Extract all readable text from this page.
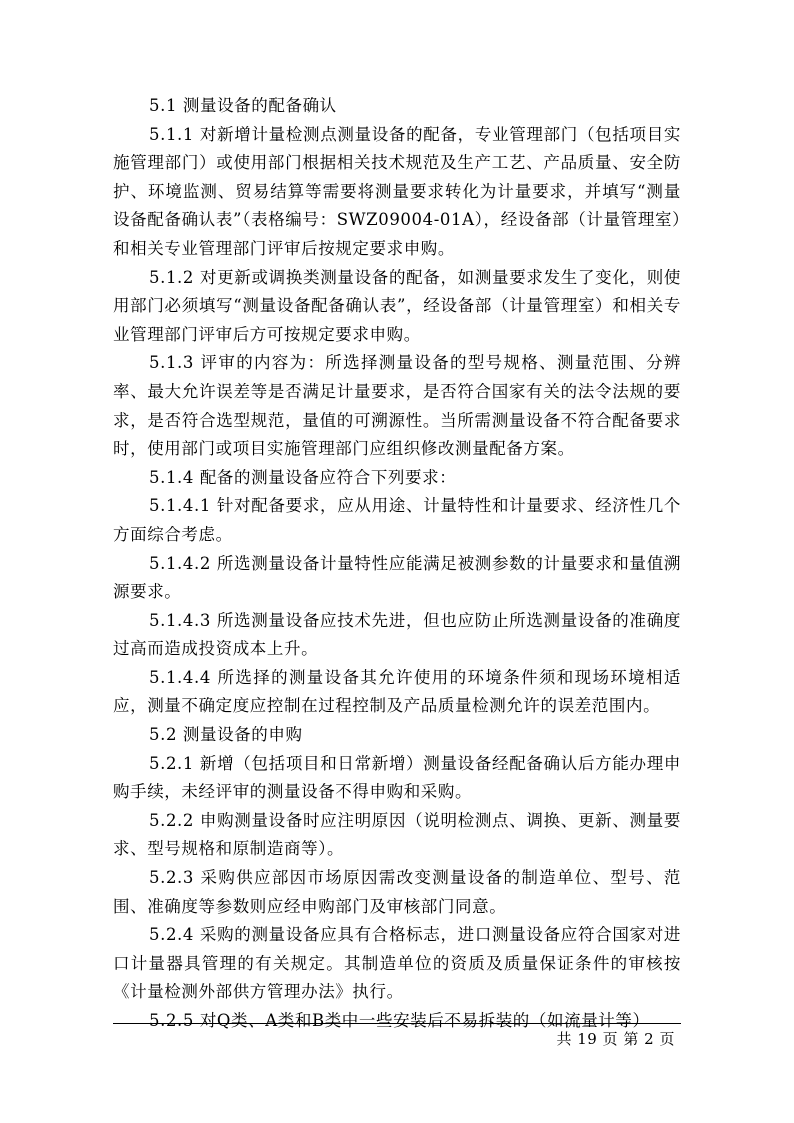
5.1 测量设备的配备确认

5.1.1 对新增计量检测点测量设备的配备，专业管理部门（包括项目实施管理部门）或使用部门根据相关技术规范及生产工艺、产品质量、安全防护、环境监测、贸易结算等需要将测量要求转化为计量要求，并填写“测量设备配备确认表”（表格编号：SWZ09004-01A），经设备部（计量管理室）和相关专业管理部门评审后按规定要求申购。

5.1.2 对更新或调换类测量设备的配备，如测量要求发生了变化，则使用部门必须填写“测量设备配备确认表”，经设备部（计量管理室）和相关专业管理部门评审后方可按规定要求申购。

5.1.3 评审的内容为：所选择测量设备的型号规格、测量范围、分辨率、最大允许误差等是否满足计量要求，是否符合国家有关的法令法规的要求，是否符合选型规范，量值的可溯源性。当所需测量设备不符合配备要求时，使用部门或项目实施管理部门应组织修改测量配备方案。

5.1.4 配备的测量设备应符合下列要求：

5.1.4.1 针对配备要求，应从用途、计量特性和计量要求、经济性几个方面综合考虑。

5.1.4.2 所选测量设备计量特性应能满足被测参数的计量要求和量值溯源要求。

5.1.4.3 所选测量设备应技术先进，但也应防止所选测量设备的准确度过高而造成投资成本上升。

5.1.4.4 所选择的测量设备其允许使用的环境条件须和现场环境相适应，测量不确定度应控制在过程控制及产品质量检测允许的误差范围内。

5.2 测量设备的申购

5.2.1 新增（包括项目和日常新增）测量设备经配备确认后方能办理申购手续，未经评审的测量设备不得申购和采购。

5.2.2 申购测量设备时应注明原因（说明检测点、调换、更新、测量要求、型号规格和原制造商等）。

5.2.3 采购供应部因市场原因需改变测量设备的制造单位、型号、范围、准确度等参数则应经申购部门及审核部门同意。

5.2.4 采购的测量设备应具有合格标志，进口测量设备应符合国家对进口计量器具管理的有关规定。其制造单位的资质及质量保证条件的审核按《计量检测外部供方管理办法》执行。

5.2.5 对Q类、A类和B类中一些安装后不易拆装的（如流量计等）

共 19 页 第 2 页
